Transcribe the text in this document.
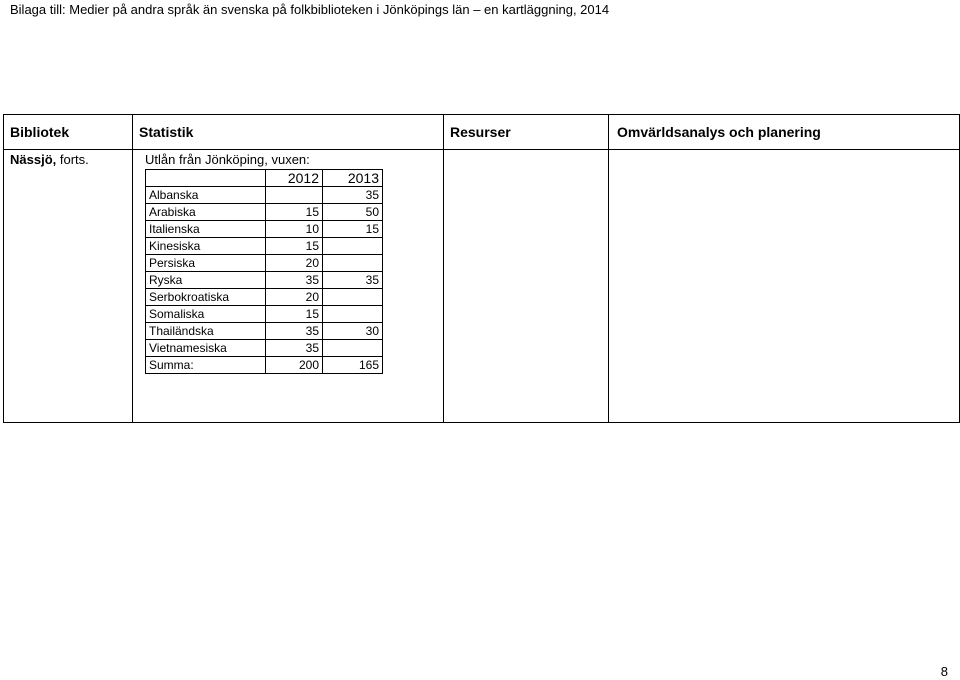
Bilaga till: Medier på andra språk än svenska på folkbiblioteken i Jönköpings län – en kartläggning, 2014
Bibliotek	Statistik	Resurser	Omvärldsanalys och planering

Nässjö, forts.	Utlån från Jönköping, vuxen:
	2012	2013
Albanska		35
Arabiska	15	50
Italienska	10	15
Kinesiska	15	
Persiska	20	
Ryska	35	35
Serbokroatiska	20	
Somaliska	15	
Thailändska	35	30
Vietnamesiska	35	
Summa:	200	165

8
